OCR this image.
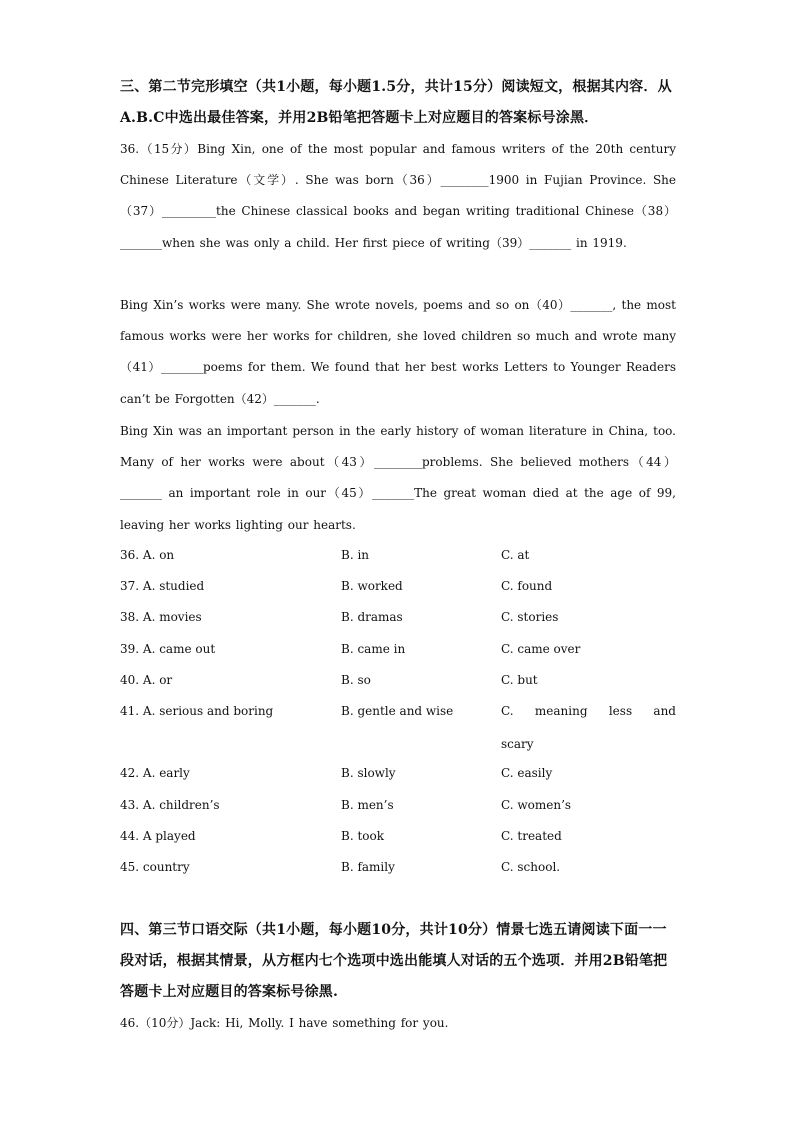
三、第二节完形填空（共1小题，每小题1.5分，共计15分）阅读短文，根据其内容．从A.B.C中选出最佳答案，并用2B铅笔把答题卡上对应题目的答案标号涂黑．
36.（15分）Bing Xin, one of the most popular and famous writers of the 20th century Chinese Literature（文学）. She was born（36）________1900 in Fujian Province. She（37）_________the Chinese classical books and began writing traditional Chinese（38）_______when she was only a child. Her first piece of writing（39）_______ in 1919.
Bing Xin’s works were many. She wrote novels, poems and so on（40）_______, the most famous works were her works for children, she loved children so much and wrote many （41）_______poems for them. We found that her best works Letters to Younger Readers can’t be Forgotten（42）_______.
Bing Xin was an important person in the early history of woman literature in China, too. Many of her works were about（43）________problems. She believed mothers（44）_______ an important role in our（45）_______The great woman died at the age of 99, leaving her works lighting our hearts.
36. A. on	B. in	C. at
37. A. studied	B. worked	C. found
38. A. movies	B. dramas	C. stories
39. A. came out	B. came in	C. came over
40. A. or	B. so	C. but
41. A. serious and boring	B. gentle and wise	C. meaning less and scary
42. A. early	B. slowly	C. easily
43. A. children’s	B. men’s	C. women’s
44. A played	B. took	C. treated
45. country	B. family	C. school.
四、第三节口语交际（共1小题，每小题10分，共计10分）情景七选五请阅读下面一一段对话，根据其情景，从方框内七个选项中选出能填人对话的五个选项．并用2B铅笔把答题卡上对应题目的答案标号徐黑.
46.（10分）Jack: Hi, Molly. I have something for you.
